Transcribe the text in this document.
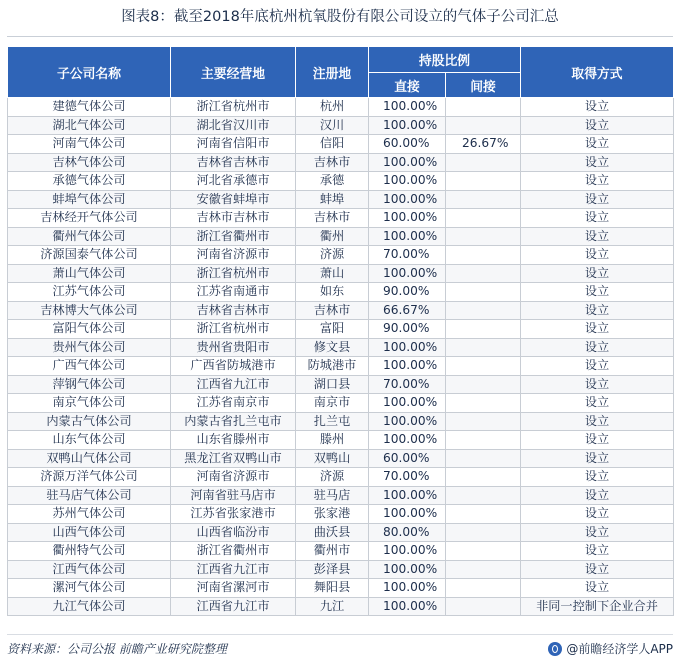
图表8：截至2018年底杭州杭氧股份有限公司设立的气体子公司汇总
子公司名称	主要经营地	注册地	持股比例		取得方式
			直接	间接	
建德气体公司	浙江省杭州市	杭州	100.00%		设立
湖北气体公司	湖北省汉川市	汉川	100.00%		设立
河南气体公司	河南省信阳市	信阳	60.00%	26.67%	设立
吉林气体公司	吉林省吉林市	吉林市	100.00%		设立
承德气体公司	河北省承德市	承德	100.00%		设立
蚌埠气体公司	安徽省蚌埠市	蚌埠	100.00%		设立
吉林经开气体公司	吉林市吉林市	吉林市	100.00%		设立
衢州气体公司	浙江省衢州市	衢州	100.00%		设立
济源国泰气体公司	河南省济源市	济源	70.00%		设立
萧山气体公司	浙江省杭州市	萧山	100.00%		设立
江苏气体公司	江苏省南通市	如东	90.00%		设立
吉林博大气体公司	吉林省吉林市	吉林市	66.67%		设立
富阳气体公司	浙江省杭州市	富阳	90.00%		设立
贵州气体公司	贵州省贵阳市	修文县	100.00%		设立
广西气体公司	广西省防城港市	防城港市	100.00%		设立
萍钢气体公司	江西省九江市	湖口县	70.00%		设立
南京气体公司	江苏省南京市	南京市	100.00%		设立
内蒙古气体公司	内蒙古省扎兰屯市	扎兰屯	100.00%		设立
山东气体公司	山东省滕州市	滕州	100.00%		设立
双鸭山气体公司	黑龙江省双鸭山市	双鸭山	60.00%		设立
济源万洋气体公司	河南省济源市	济源	70.00%		设立
驻马店气体公司	河南省驻马店市	驻马店	100.00%		设立
苏州气体公司	江苏省张家港市	张家港	100.00%		设立
山西气体公司	山西省临汾市	曲沃县	80.00%		设立
衢州特气公司	浙江省衢州市	衢州市	100.00%		设立
江西气体公司	江西省九江市	彭泽县	100.00%		设立
漯河气体公司	河南省漯河市	舞阳县	100.00%		设立
九江气体公司	江西省九江市	九江	100.00%		非同一控制下企业合并
资料来源：公司公报 前瞻产业研究院整理	@前瞻经济学人APP
